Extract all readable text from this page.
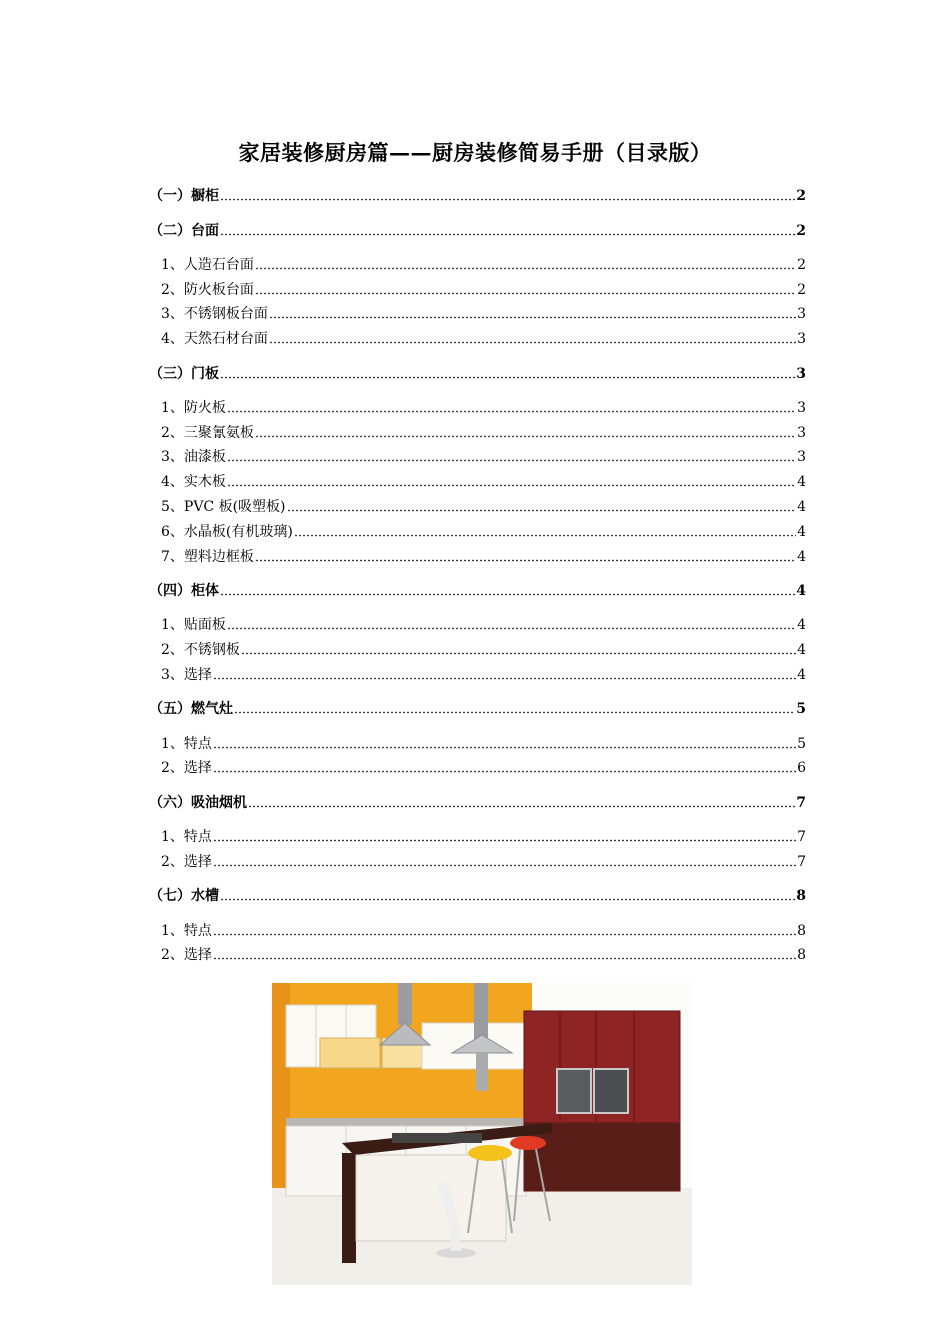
家居装修厨房篇——厨房装修简易手册（目录版）
（一）橱柜	2
（二）台面	2
1、人造石台面	2
2、防火板台面	2
3、不锈钢板台面	3
4、天然石材台面	3
（三）门板	3
1、防火板	3
2、三聚氰氨板	3
3、油漆板	3
4、实木板	4
5、PVC 板(吸塑板)	4
6、水晶板(有机玻璃)	4
7、塑料边框板	4
（四）柜体	4
1、贴面板	4
2、不锈钢板	4
3、选择	4
（五）燃气灶	5
1、特点	5
2、选择	6
（六）吸油烟机	7
1、特点	7
2、选择	7
（七）水槽	8
1、特点	8
2、选择	8
